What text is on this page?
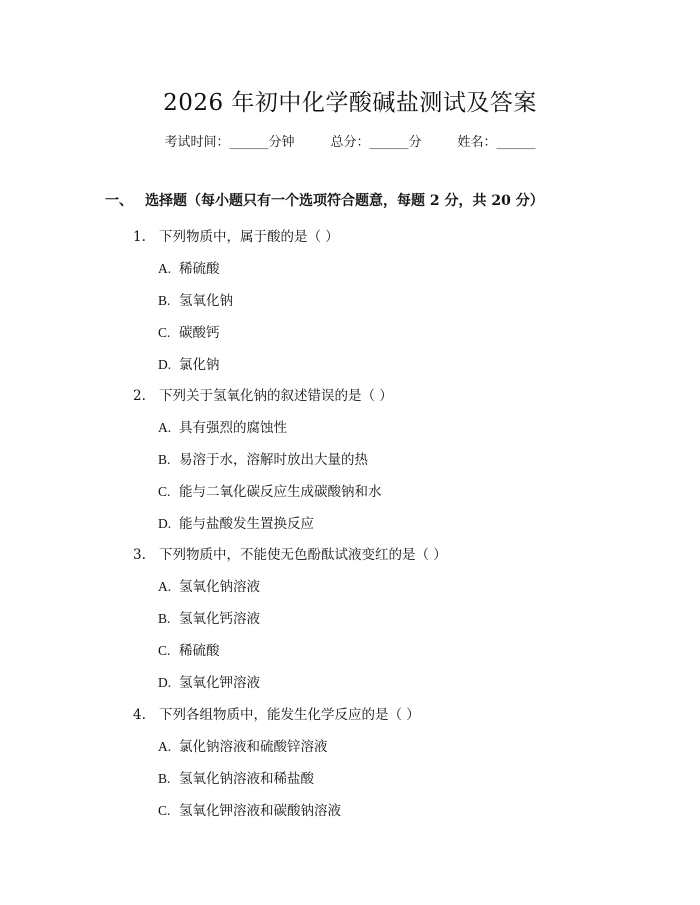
2026 年初中化学酸碱盐测试及答案
考试时间：______分钟	总分：______分	姓名：______
一、 选择题（每小题只有一个选项符合题意，每题 2 分，共 20 分）
1. 下列物质中，属于酸的是（ ）
A. 稀硫酸
B. 氢氧化钠
C. 碳酸钙
D. 氯化钠
2. 下列关于氢氧化钠的叙述错误的是（ ）
A. 具有强烈的腐蚀性
B. 易溶于水，溶解时放出大量的热
C. 能与二氧化碳反应生成碳酸钠和水
D. 能与盐酸发生置换反应
3. 下列物质中，不能使无色酚酞试液变红的是（ ）
A. 氢氧化钠溶液
B. 氢氧化钙溶液
C. 稀硫酸
D. 氢氧化钾溶液
4. 下列各组物质中，能发生化学反应的是（ ）
A. 氯化钠溶液和硫酸锌溶液
B. 氢氧化钠溶液和稀盐酸
C. 氢氧化钾溶液和碳酸钠溶液
